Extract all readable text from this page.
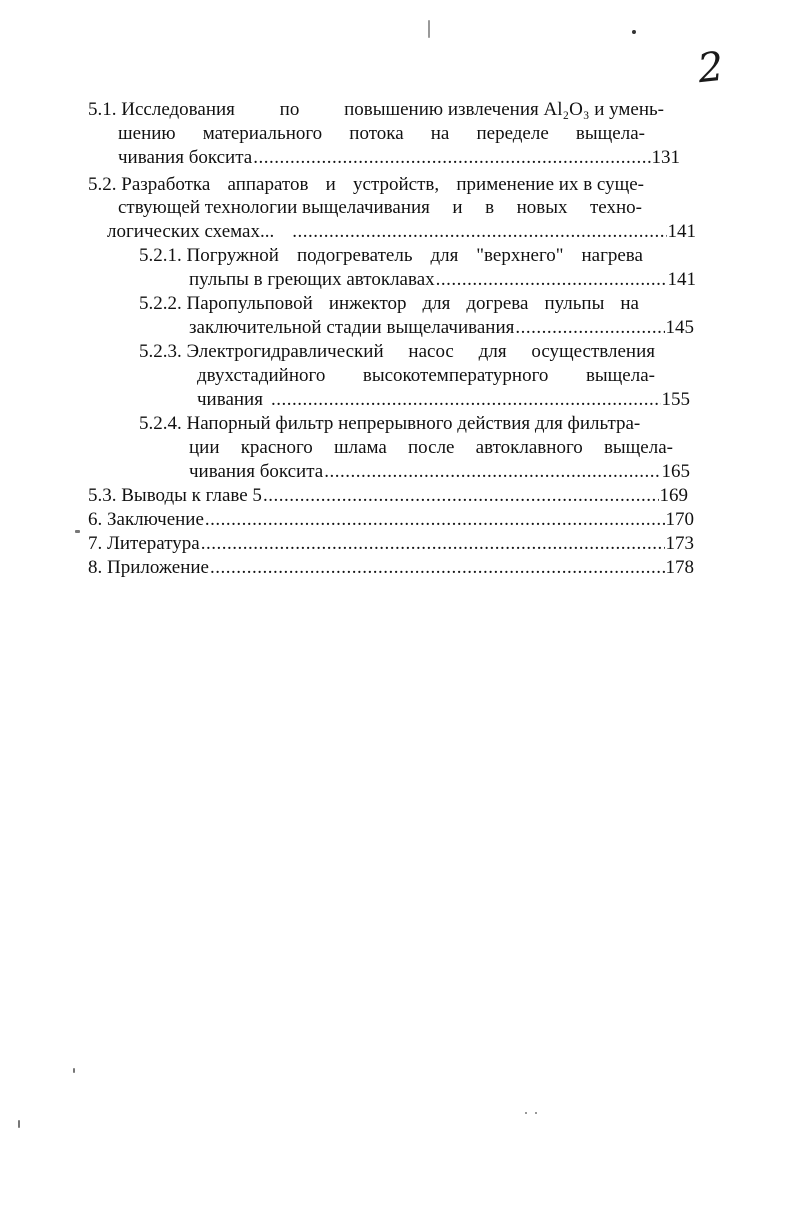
2
5.1. Исследования по повышению извлечения Al₂O₃ и умень-
шению материального потока на переделе выщела-
чивания боксита .....	131
5.2. Разработка аппаратов и устройств, применение их в суще-
ствующей технологии выщелачивания и в новых техно-
логических схемах... .....	141
5.2.1. Погружной подогреватель для "верхнего" нагрева
пульпы в греющих автоклавах .....	141
5.2.2. Паропульповой инжектор для догрева пульпы на
заключительной стадии выщелачивания .....	145
5.2.3. Электрогидравлический насос для осуществления
двухстадийного высокотемпературного выщела-
чивания .....	155
5.2.4. Напорный фильтр непрерывного действия для фильтра-
ции красного шлама после автоклавного выщела-
чивания боксита .....	165
5.3. Выводы к главе 5 .....	169
6. Заключение .....	170
7. Литература .....	173
8. Приложение .....	178
